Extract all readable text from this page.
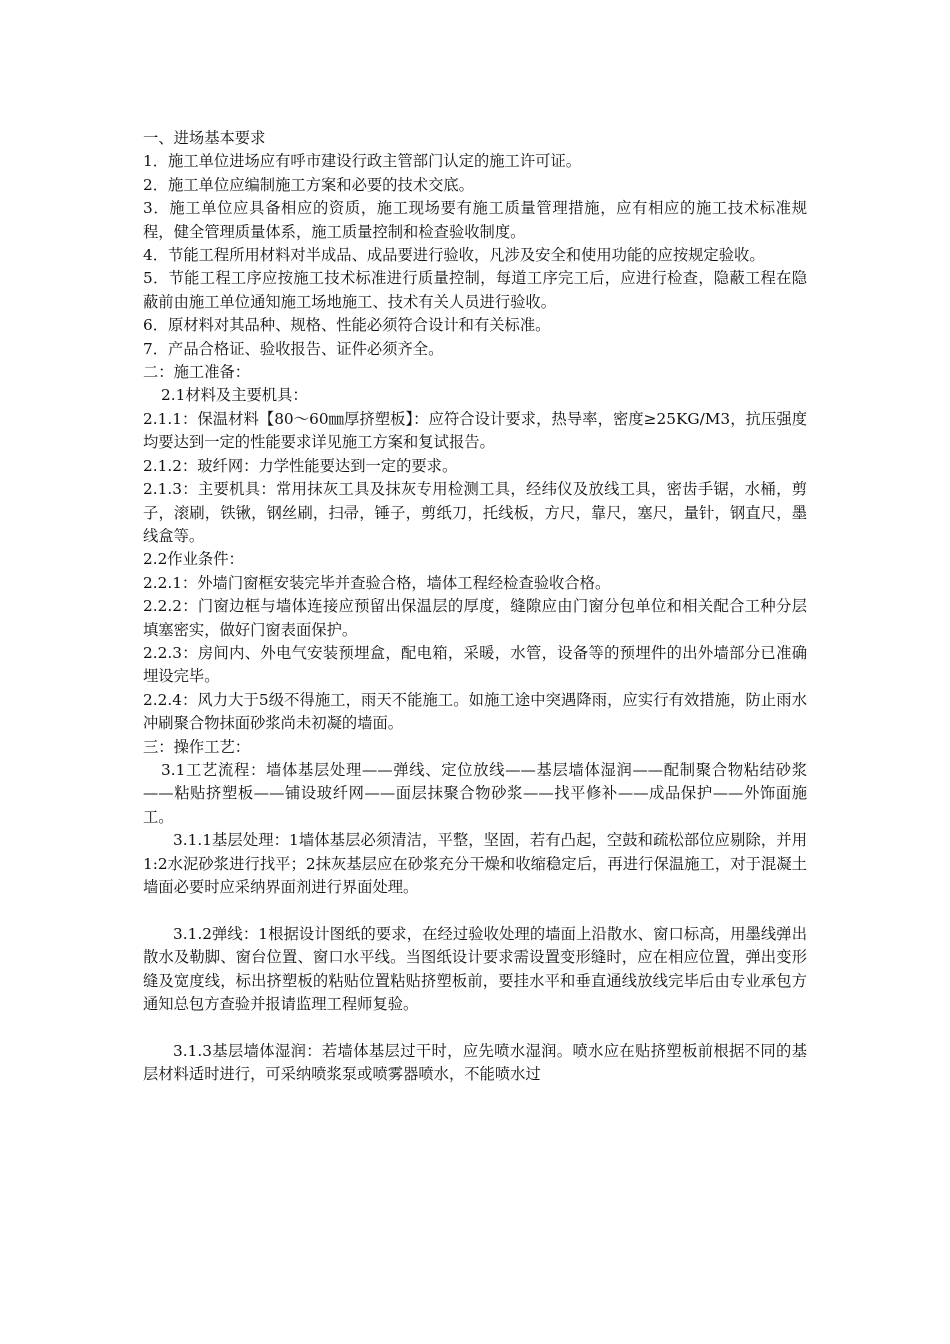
一、进场基本要求

1．施工单位进场应有呼市建设行政主管部门认定的施工许可证。

2．施工单位应编制施工方案和必要的技术交底。

3．施工单位应具备相应的资质，施工现场要有施工质量管理措施，应有相应的施工技术标准规程，健全管理质量体系，施工质量控制和检查验收制度。

4．节能工程所用材料对半成品、成品要进行验收，凡涉及安全和使用功能的应按规定验收。

5．节能工程工序应按施工技术标准进行质量控制，每道工序完工后，应进行检查，隐蔽工程在隐蔽前由施工单位通知施工场地施工、技术有关人员进行验收。

6．原材料对其品种、规格、性能必须符合设计和有关标准。

7．产品合格证、验收报告、证件必须齐全。

二：施工准备：

2.1材料及主要机具：

2.1.1：保温材料【80～60㎜厚挤塑板】：应符合设计要求，热导率，密度≥25KG/M3，抗压强度均要达到一定的性能要求详见施工方案和复试报告。

2.1.2：玻纤网：力学性能要达到一定的要求。

2.1.3：主要机具：常用抹灰工具及抹灰专用检测工具，经纬仪及放线工具，密齿手锯，水桶，剪子，滚刷，铁锹，钢丝刷，扫帚，锤子，剪纸刀，托线板，方尺，靠尺，塞尺，量针，钢直尺，墨线盒等。

2.2作业条件：

2.2.1：外墙门窗框安装完毕并查验合格，墙体工程经检查验收合格。

2.2.2：门窗边框与墙体连接应预留出保温层的厚度，缝隙应由门窗分包单位和相关配合工种分层填塞密实，做好门窗表面保护。

2.2.3：房间内、外电气安装预埋盒，配电箱，采暖，水管，设备等的预埋件的出外墙部分已准确埋设完毕。

2.2.4：风力大于5级不得施工，雨天不能施工。如施工途中突遇降雨，应实行有效措施，防止雨水冲刷聚合物抹面砂浆尚未初凝的墙面。

三：操作工艺：

3.1工艺流程：墙体基层处理——弹线、定位放线——基层墙体湿润——配制聚合物粘结砂浆——粘贴挤塑板——铺设玻纤网——面层抹聚合物砂浆——找平修补——成品保护——外饰面施工。

3.1.1基层处理：1墙体基层必须清洁，平整，坚固，若有凸起，空鼓和疏松部位应剔除，并用1:2水泥砂浆进行找平；2抹灰基层应在砂浆充分干燥和收缩稳定后，再进行保温施工，对于混凝土墙面必要时应采纳界面剂进行界面处理。

3.1.2弹线：1根据设计图纸的要求，在经过验收处理的墙面上沿散水、窗口标高，用墨线弹出散水及勒脚、窗台位置、窗口水平线。当图纸设计要求需设置变形缝时，应在相应位置，弹出变形缝及宽度线，标出挤塑板的粘贴位置粘贴挤塑板前，要挂水平和垂直通线放线完毕后由专业承包方通知总包方查验并报请监理工程师复验。

3.1.3基层墙体湿润：若墙体基层过干时，应先喷水湿润。喷水应在贴挤塑板前根据不同的基层材料适时进行，可采纳喷浆泵或喷雾器喷水，不能喷水过
